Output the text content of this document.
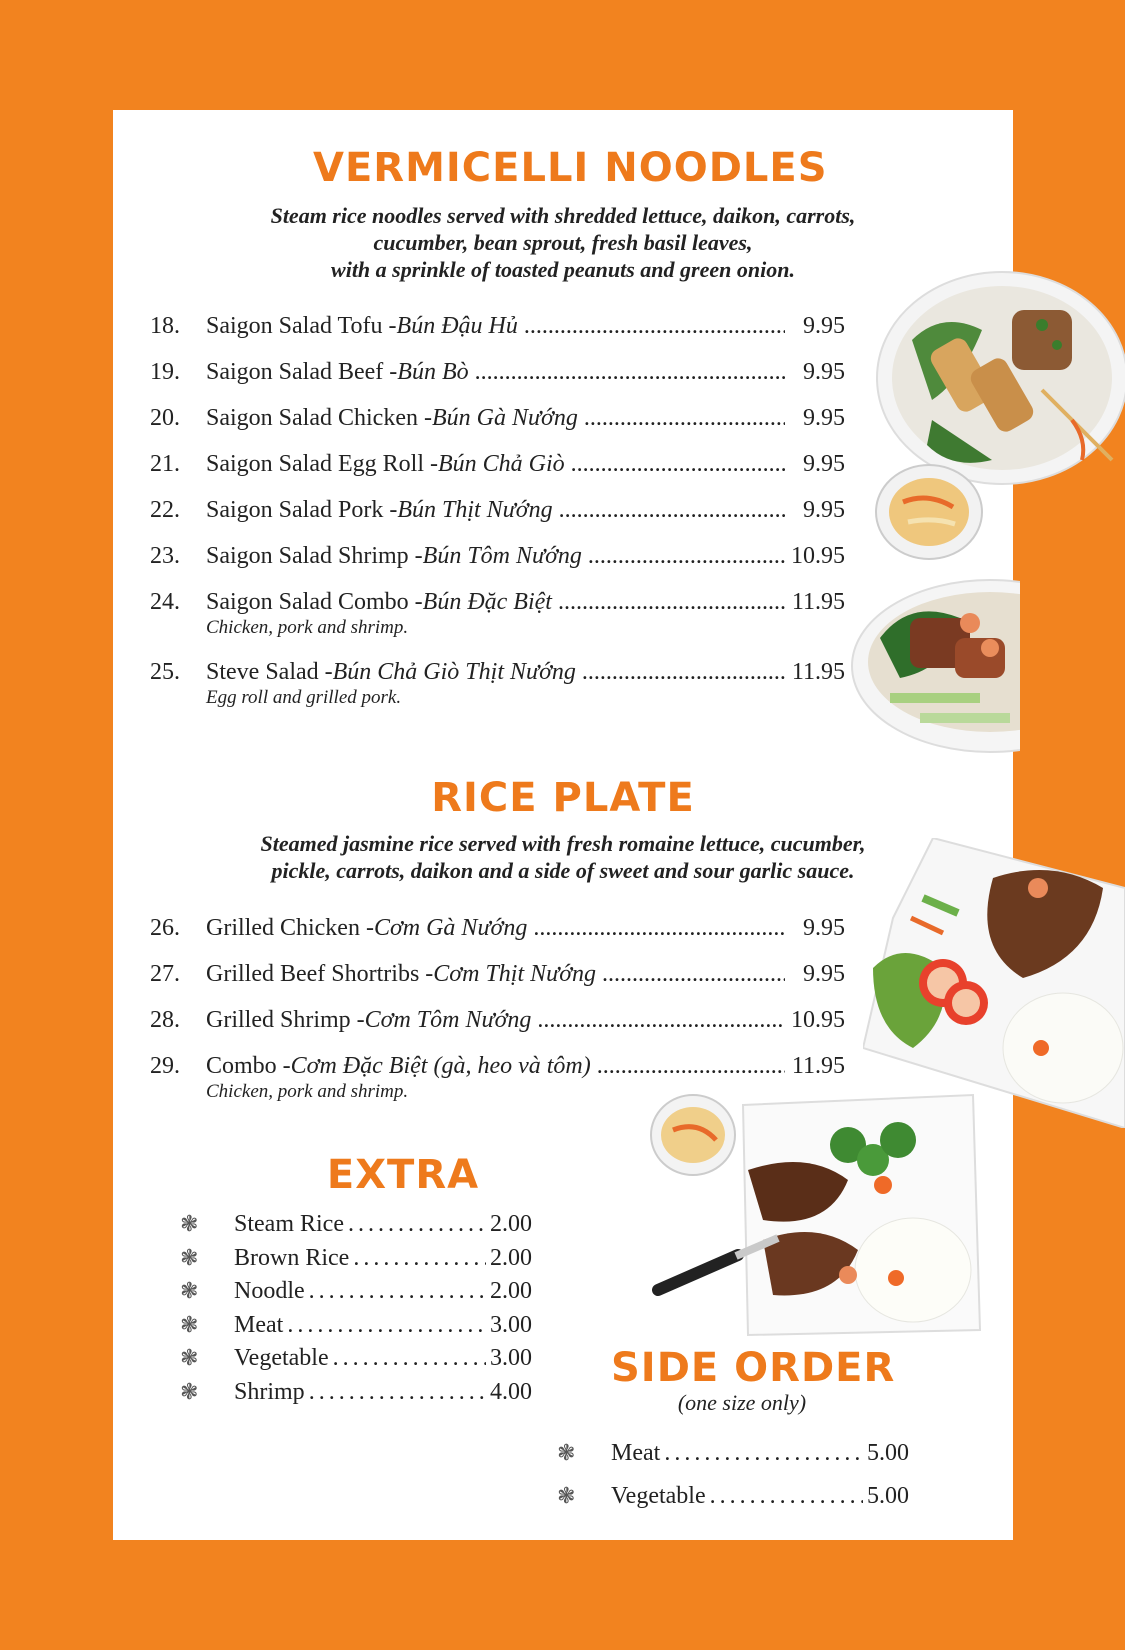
VERMICELLI NOODLES
Steam rice noodles served with shredded lettuce, daikon, carrots,
cucumber, bean sprout, fresh basil leaves,
with a sprinkle of toasted peanuts and green onion.
18.	Saigon Salad Tofu - Bún Đậu Hủ .....	9.95
19.	Saigon Salad Beef - Bún Bò .....	9.95
20.	Saigon Salad Chicken - Bún Gà Nướng .....	9.95
21.	Saigon Salad Egg Roll - Bún Chả Giò .....	9.95
22.	Saigon Salad Pork - Bún Thịt Nướng .....	9.95
23.	Saigon Salad Shrimp - Bún Tôm Nướng .....	10.95
24.	Saigon Salad Combo - Bún Đặc Biệt .....	11.95
Chicken, pork and shrimp.
25.	Steve Salad - Bún Chả Giò Thịt Nướng .....	11.95
Egg roll and grilled pork.
RICE PLATE
Steamed jasmine rice served with fresh romaine lettuce, cucumber,
pickle, carrots, daikon and a side of sweet and sour garlic sauce.
26.	Grilled Chicken - Cơm Gà Nướng .....	9.95
27.	Grilled Beef Shortribs - Cơm Thịt Nướng .....	9.95
28.	Grilled Shrimp - Cơm Tôm Nướng .....	10.95
29.	Combo - Cơm Đặc Biệt (gà, heo và tôm) .....	11.95
Chicken, pork and shrimp.
EXTRA
❃	Steam Rice .....	2.00
❃	Brown Rice .....	2.00
❃	Noodle .....	2.00
❃	Meat .....	3.00
❃	Vegetable .....	3.00
❃	Shrimp .....	4.00
SIDE ORDER
(one size only)
❃	Meat .....	5.00
❃	Vegetable .....	5.00
